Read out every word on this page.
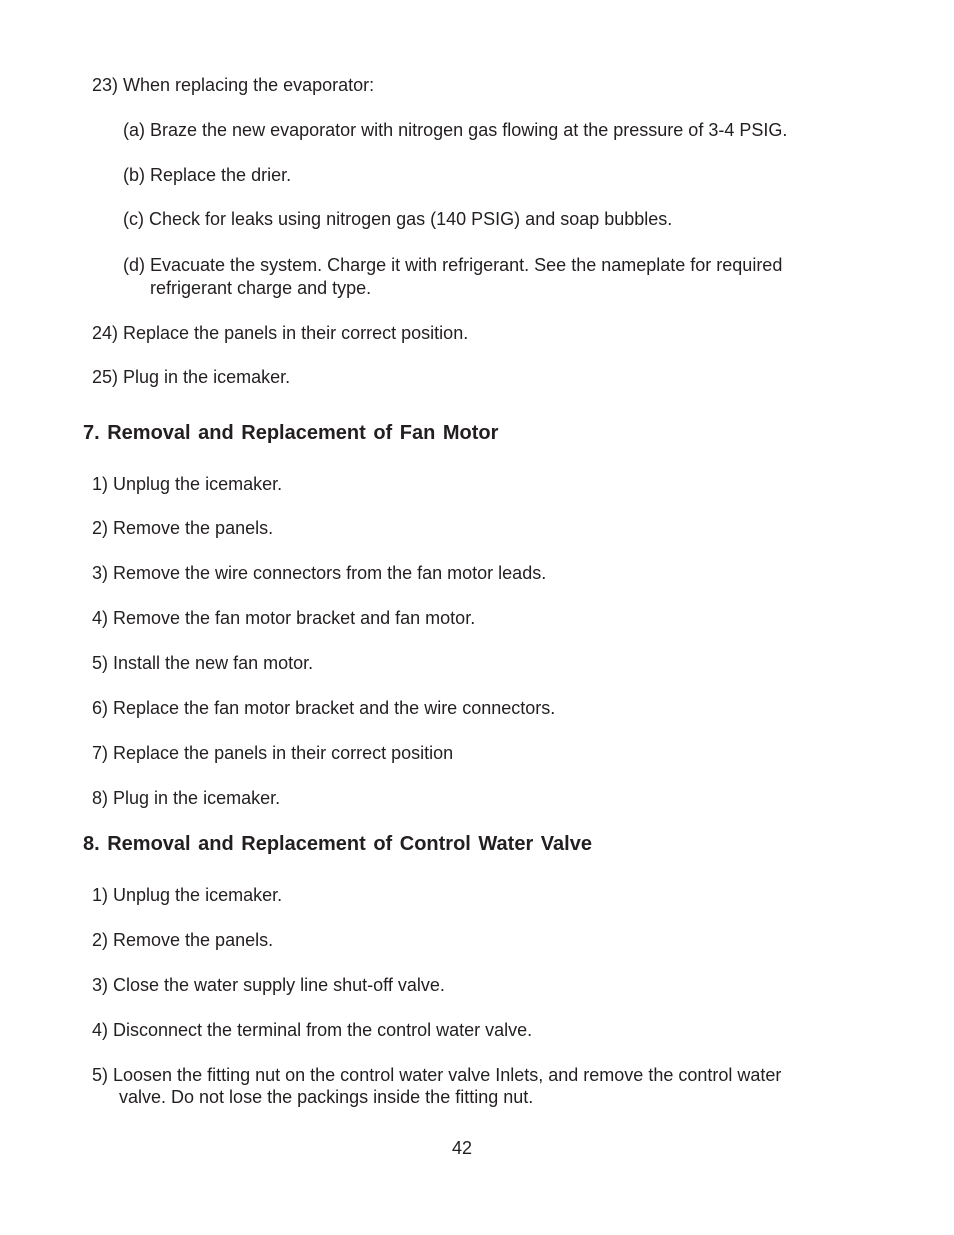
23) When replacing the evaporator:
(a) Braze the new evaporator with nitrogen gas flowing at the pressure of 3-4 PSIG.
(b) Replace the drier.
(c) Check for leaks using nitrogen gas (140 PSIG) and soap bubbles.
(d) Evacuate the system. Charge it with refrigerant. See the nameplate for required
refrigerant charge and type.
24) Replace the panels in their correct position.
25) Plug in the icemaker.
7. Removal and Replacement of Fan Motor
1) Unplug the icemaker.
2) Remove the panels.
3) Remove the wire connectors from the fan motor leads.
4) Remove the fan motor bracket and fan motor.
5) Install the new fan motor.
6) Replace the fan motor bracket and the wire connectors.
7) Replace the panels in their correct position
8) Plug in the icemaker.
8. Removal and Replacement of Control Water Valve
1) Unplug the icemaker.
2) Remove the panels.
3) Close the water supply line shut-off valve.
4) Disconnect the terminal from the control water valve.
5) Loosen the fitting nut on the control water valve Inlets, and remove the control water
valve. Do not lose the packings inside the fitting nut.
42
